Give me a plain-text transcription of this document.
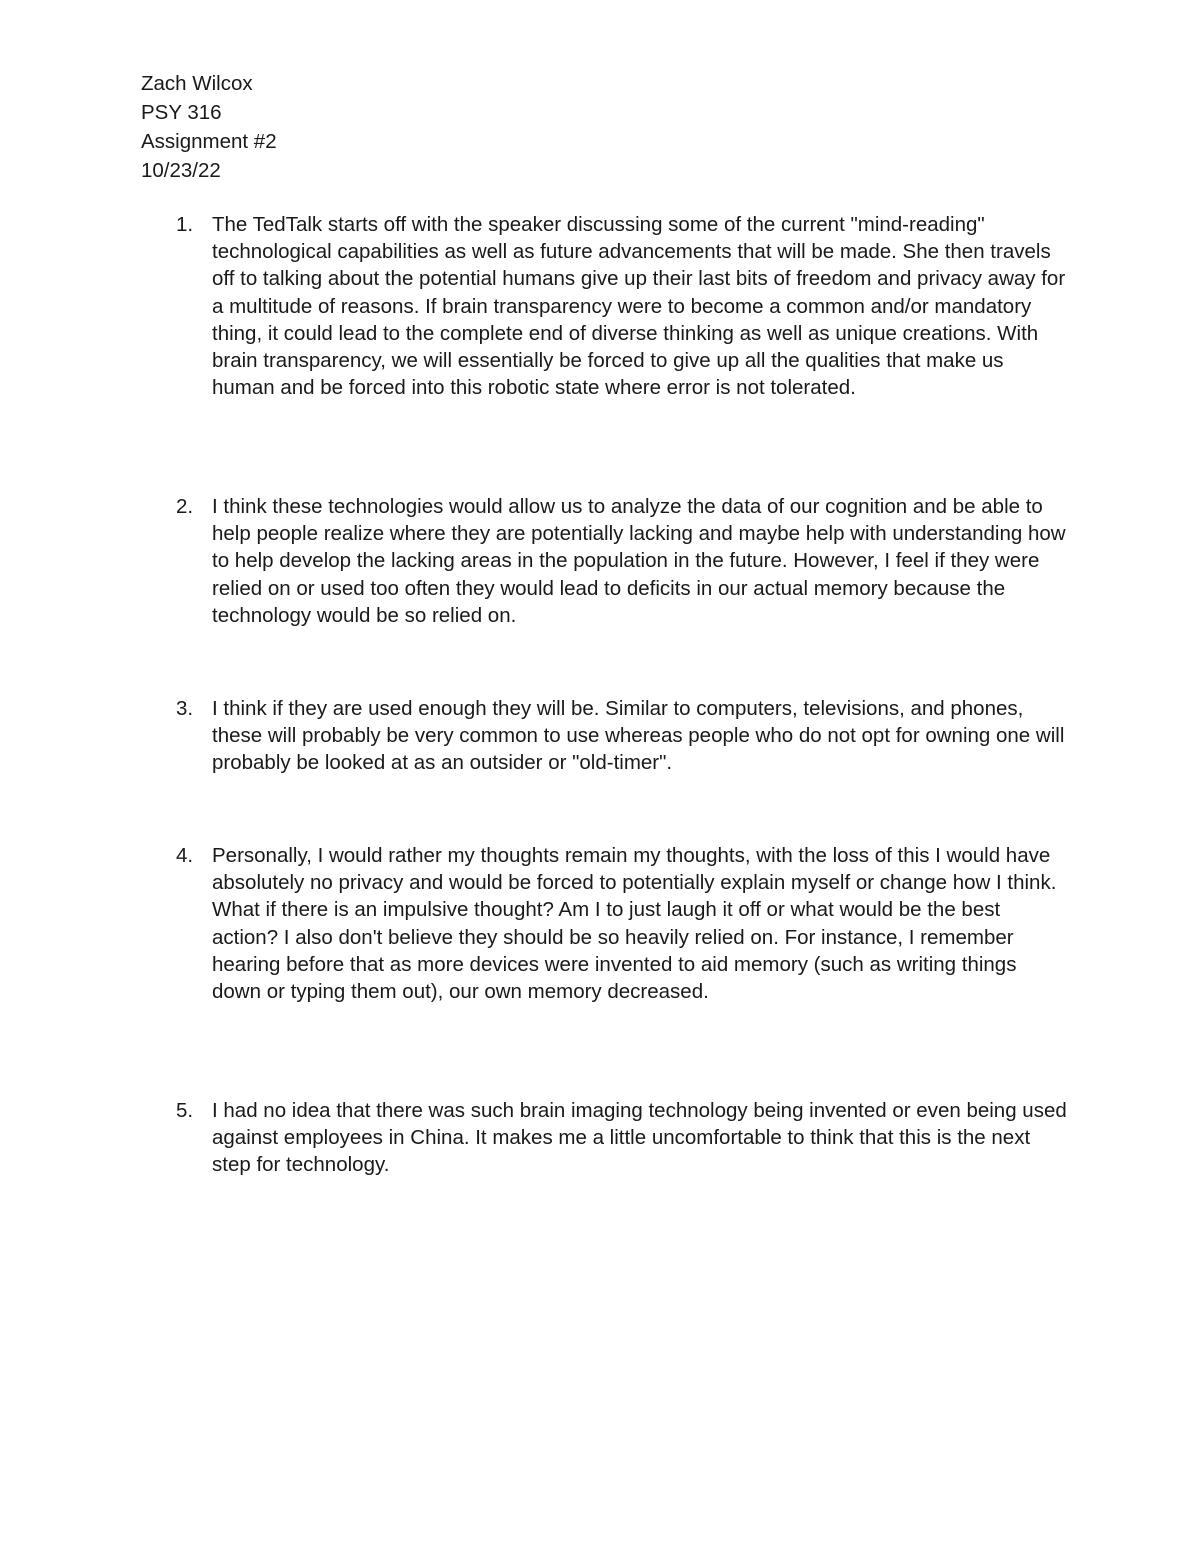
Zach Wilcox
PSY 316
Assignment #2
10/23/22
1. The TedTalk starts off with the speaker discussing some of the current "mind-reading" technological capabilities as well as future advancements that will be made. She then travels off to talking about the potential humans give up their last bits of freedom and privacy away for a multitude of reasons. If brain transparency were to become a common and/or mandatory thing, it could lead to the complete end of diverse thinking as well as unique creations. With brain transparency, we will essentially be forced to give up all the qualities that make us human and be forced into this robotic state where error is not tolerated.
2. I think these technologies would allow us to analyze the data of our cognition and be able to help people realize where they are potentially lacking and maybe help with understanding how to help develop the lacking areas in the population in the future. However, I feel if they were relied on or used too often they would lead to deficits in our actual memory because the technology would be so relied on.
3. I think if they are used enough they will be. Similar to computers, televisions, and phones, these will probably be very common to use whereas people who do not opt for owning one will probably be looked at as an outsider or "old-timer".
4. Personally, I would rather my thoughts remain my thoughts, with the loss of this I would have absolutely no privacy and would be forced to potentially explain myself or change how I think. What if there is an impulsive thought? Am I to just laugh it off or what would be the best action? I also don't believe they should be so heavily relied on. For instance, I remember hearing before that as more devices were invented to aid memory (such as writing things down or typing them out), our own memory decreased.
5. I had no idea that there was such brain imaging technology being invented or even being used against employees in China. It makes me a little uncomfortable to think that this is the next step for technology.
